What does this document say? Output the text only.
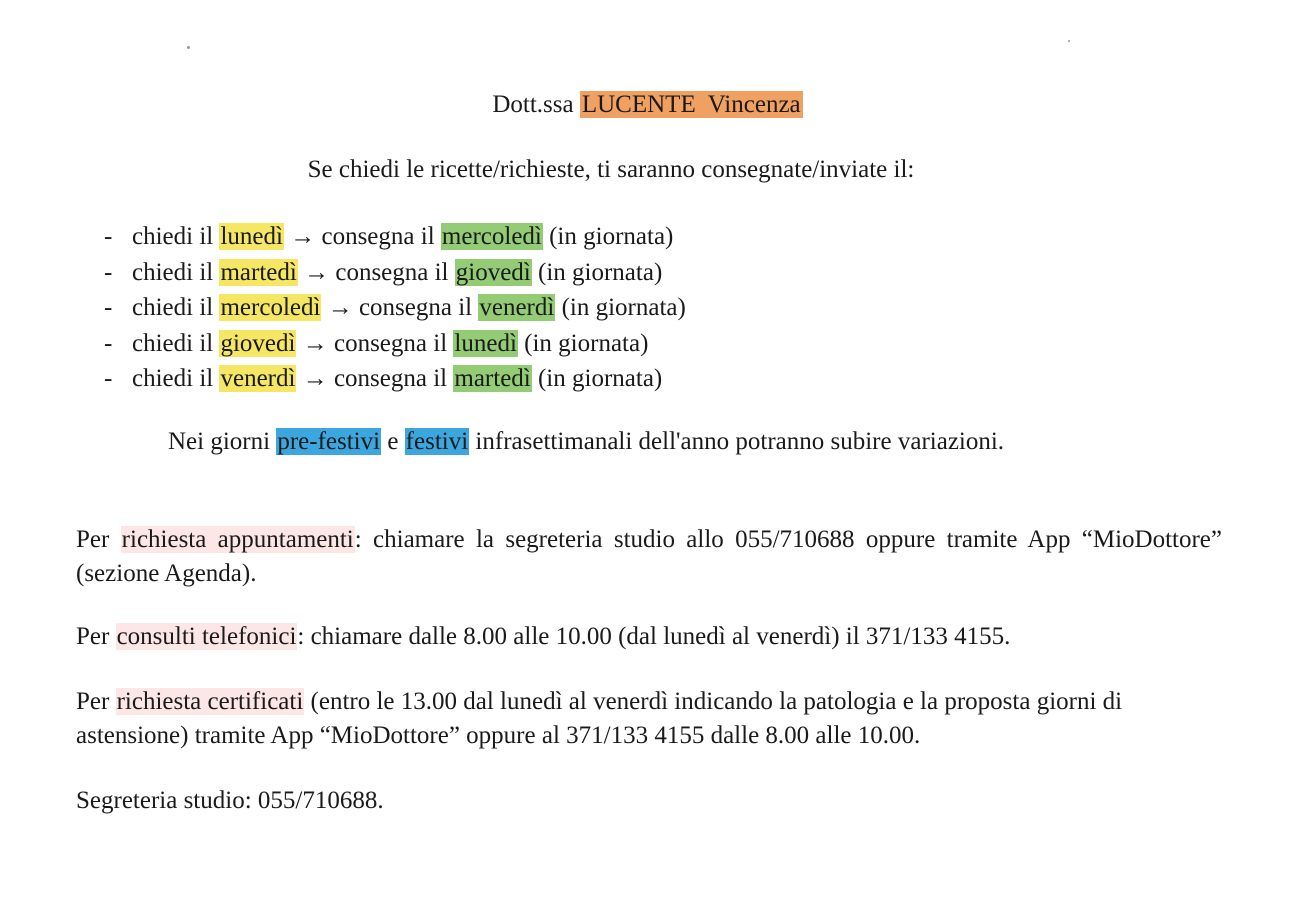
Dott.ssa LUCENTE  Vincenza
Se chiedi le ricette/richieste, ti saranno consegnate/inviate il:
- chiedi il lunedì → consegna il mercoledì (in giornata)
- chiedi il martedì → consegna il giovedì (in giornata)
- chiedi il mercoledì → consegna il venerdì (in giornata)
- chiedi il giovedì → consegna il lunedì (in giornata)
- chiedi il venerdì → consegna il martedì (in giornata)
Nei giorni pre-festivi e festivi infrasettimanali dell'anno potranno subire variazioni.
Per richiesta appuntamenti: chiamare la segreteria studio allo 055/710688 oppure tramite App “MioDottore” (sezione Agenda).
Per consulti telefonici: chiamare dalle 8.00 alle 10.00 (dal lunedì al venerdì) il 371/133 4155.
Per richiesta certificati (entro le 13.00 dal lunedì al venerdì indicando la patologia e la proposta giorni di astensione) tramite App “MioDottore” oppure al 371/133 4155 dalle 8.00 alle 10.00.
Segreteria studio: 055/710688.
